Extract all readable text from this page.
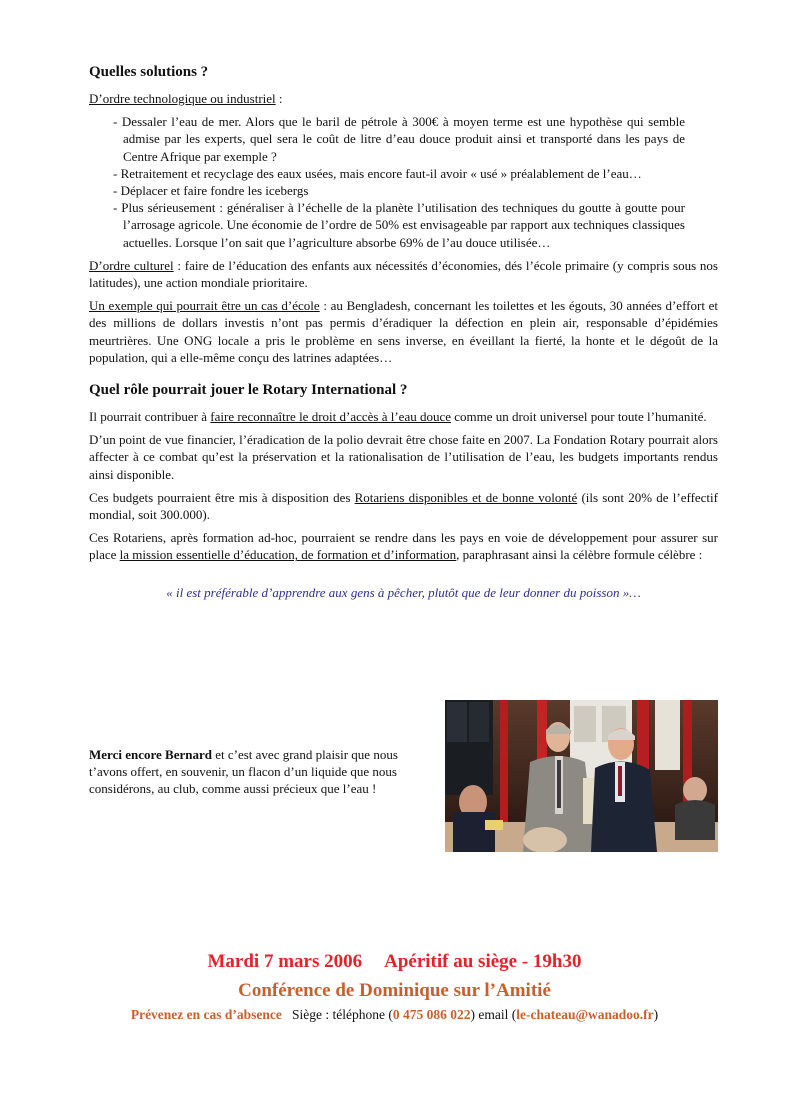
Quelles solutions ?

D’ordre technologique ou industriel :

- Dessaler l’eau de mer. Alors que le baril de pétrole à 300€ à moyen terme est une hypothèse qui semble admise par les experts, quel sera le coût de litre d’eau douce produit ainsi et transporté dans les pays de Centre Afrique par exemple ?
- Retraitement et recyclage des eaux usées, mais encore faut-il avoir « usé » préalablement de l’eau…
- Déplacer et faire fondre les icebergs
- Plus sérieusement : généraliser à l’échelle de la planète l’utilisation des techniques du goutte à goutte pour l’arrosage agricole. Une économie de l’ordre de 50% est envisageable par rapport aux techniques classiques actuelles. Lorsque l’on sait que l’agriculture absorbe 69% de l’au douce utilisée…

D’ordre culturel : faire de l’éducation des enfants aux nécessités d’économies, dés l’école primaire (y compris sous nos latitudes), une action mondiale prioritaire.

Un exemple qui pourrait être un cas d’école : au Bengladesh, concernant les toilettes et les égouts, 30 années d’effort et des millions de dollars investis n’ont pas permis d’éradiquer la défection en plein air, responsable d’épidémies meurtrières. Une ONG locale a pris le problème en sens inverse, en éveillant la fierté, la honte et le dégoût de la population, qui a elle-même conçu des latrines adaptées…

Quel rôle pourrait jouer le Rotary International ?

Il pourrait contribuer à faire reconnaître le droit d’accès à l’eau douce comme un droit universel pour toute l’humanité.

D’un point de vue financier, l’éradication de la polio devrait être chose faite en 2007. La Fondation Rotary pourrait alors affecter à ce combat qu’est la préservation et la rationalisation de l’utilisation de l’eau, les budgets importants rendus ainsi disponible.

Ces budgets pourraient être mis à disposition des Rotariens disponibles et de bonne volonté (ils sont 20% de l’effectif mondial, soit 300.000).

Ces Rotariens, après formation ad-hoc, pourraient se rendre dans les pays en voie de développement pour assurer sur place la mission essentielle d’éducation, de formation et d’information, paraphrasant ainsi la célèbre formule célèbre :

« il est préférable d’apprendre aux gens à pêcher, plutôt que de leur donner du poisson »…
Merci encore Bernard et c’est avec grand plaisir que nous t’avons offert, en souvenir, un flacon d’un liquide que nous considérons, au club, comme aussi précieux que l’eau !
Mardi 7 mars 2006 Apéritif au siège - 19h30
Conférence de Dominique sur l’Amitié
Prévenez en cas d’absence Siège : téléphone (0 475 086 022) email (le-chateau@wanadoo.fr)
